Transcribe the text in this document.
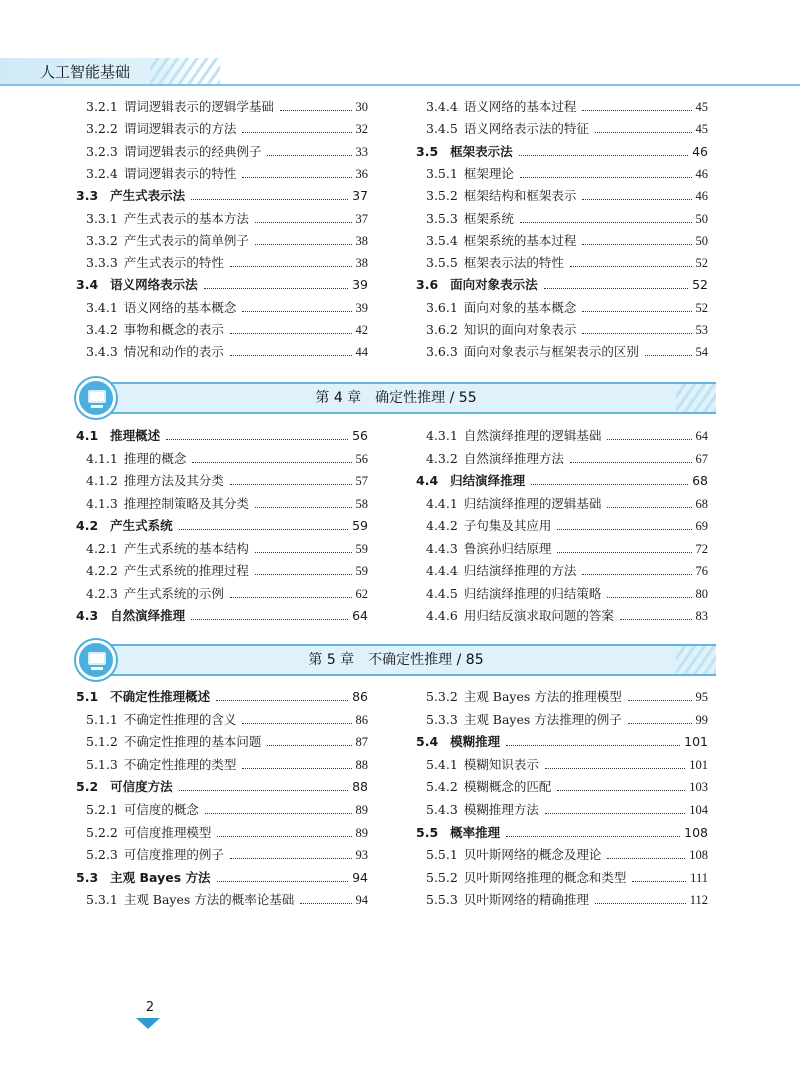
人工智能基础
3.2.1 谓词逻辑表示的逻辑学基础	30
3.2.2 谓词逻辑表示的方法	32
3.2.3 谓词逻辑表示的经典例子	33
3.2.4 谓词逻辑表示的特性	36
3.3 产生式表示法	37
3.3.1 产生式表示的基本方法	37
3.3.2 产生式表示的简单例子	38
3.3.3 产生式表示的特性	38
3.4 语义网络表示法	39
3.4.1 语义网络的基本概念	39
3.4.2 事物和概念的表示	42
3.4.3 情况和动作的表示	44
3.4.4 语义网络的基本过程	45
3.4.5 语义网络表示法的特征	45
3.5 框架表示法	46
3.5.1 框架理论	46
3.5.2 框架结构和框架表示	46
3.5.3 框架系统	50
3.5.4 框架系统的基本过程	50
3.5.5 框架表示法的特性	52
3.6 面向对象表示法	52
3.6.1 面向对象的基本概念	52
3.6.2 知识的面向对象表示	53
3.6.3 面向对象表示与框架表示的区别	54
第 4 章　确定性推理 / 55
4.1 推理概述	56
4.1.1 推理的概念	56
4.1.2 推理方法及其分类	57
4.1.3 推理控制策略及其分类	58
4.2 产生式系统	59
4.2.1 产生式系统的基本结构	59
4.2.2 产生式系统的推理过程	59
4.2.3 产生式系统的示例	62
4.3 自然演绎推理	64
4.3.1 自然演绎推理的逻辑基础	64
4.3.2 自然演绎推理方法	67
4.4 归结演绎推理	68
4.4.1 归结演绎推理的逻辑基础	68
4.4.2 子句集及其应用	69
4.4.3 鲁滨孙归结原理	72
4.4.4 归结演绎推理的方法	76
4.4.5 归结演绎推理的归结策略	80
4.4.6 用归结反演求取问题的答案	83
第 5 章　不确定性推理 / 85
5.1 不确定性推理概述	86
5.1.1 不确定性推理的含义	86
5.1.2 不确定性推理的基本问题	87
5.1.3 不确定性推理的类型	88
5.2 可信度方法	88
5.2.1 可信度的概念	89
5.2.2 可信度推理模型	89
5.2.3 可信度推理的例子	93
5.3 主观 Bayes 方法	94
5.3.1 主观 Bayes 方法的概率论基础	94
5.3.2 主观 Bayes 方法的推理模型	95
5.3.3 主观 Bayes 方法推理的例子	99
5.4 模糊推理	101
5.4.1 模糊知识表示	101
5.4.2 模糊概念的匹配	103
5.4.3 模糊推理方法	104
5.5 概率推理	108
5.5.1 贝叶斯网络的概念及理论	108
5.5.2 贝叶斯网络推理的概念和类型	111
5.5.3 贝叶斯网络的精确推理	112
2
